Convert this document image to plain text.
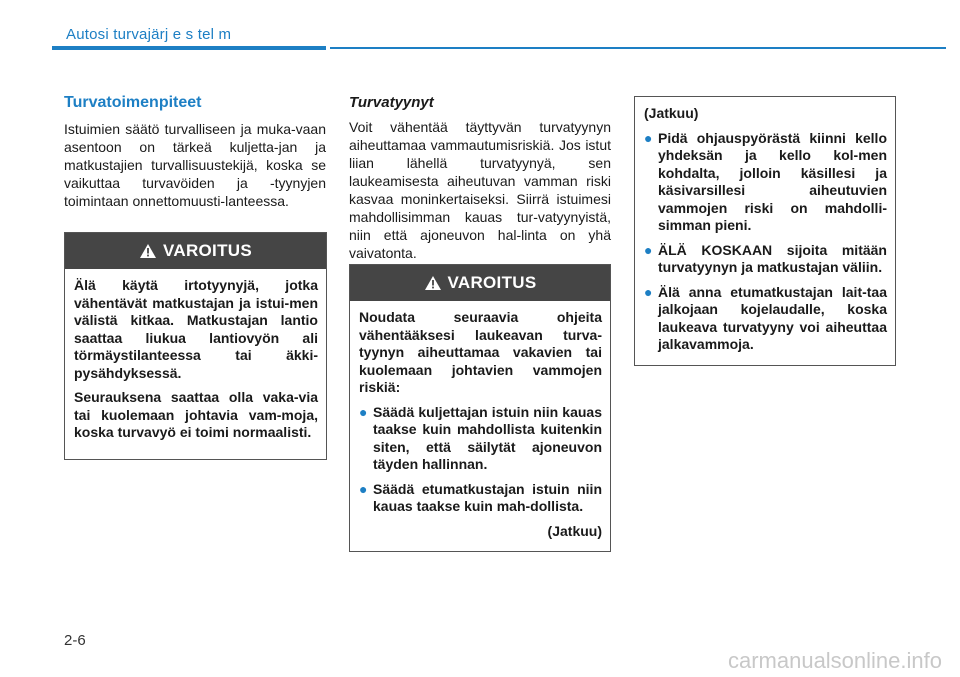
Autosi turvajärj e s tel m
Turvatoimenpiteet
Istuimien säätö turvalliseen ja muka-vaan asentoon on tärkeä kuljetta-jan ja matkustajien turvallisuustekijä, koska se vaikuttaa turvavöiden ja -tyynyjen toimintaan onnettomuusti-lanteessa.
VAROITUS

Älä käytä irtotyynyjä, jotka vähentävät matkustajan ja istui-men välistä kitkaa. Matkustajan lantio saattaa liukua lantiovyön ali törmäystilanteessa tai äkki-pysähdyksessä.

Seurauksena saattaa olla vaka-via tai kuolemaan johtavia vam-moja, koska turvavyö ei toimi normaalisti.

Turvatyynyt
Voit vähentää täyttyvän turvatyynyn aiheuttamaa vammautumisriskiä. Jos istut liian lähellä turvatyynyä, sen laukeamisesta aiheutuvan vamman riski kasvaa moninkertaiseksi. Siirrä istuimesi mahdollisimman kauas tur-vatyynyistä, niin että ajoneuvon hal-linta on yhä vaivatonta.
VAROITUS

Noudata seuraavia ohjeita vähentääksesi laukeavan turva-tyynyn aiheuttamaa vakavien tai kuolemaan johtavien vammojen riskiä:

● Säädä kuljettajan istuin niin kauas taakse kuin mahdollista kuitenkin siten, että säilytät ajoneuvon täyden hallinnan.
● Säädä etumatkustajan istuin niin kauas taakse kuin mah-dollista.
(Jatkuu)

(Jatkuu)

● Pidä ohjauspyörästä kiinni kello yhdeksän ja kello kol-men kohdalta, jolloin käsillesi ja käsivarsillesi aiheutuvien vammojen riski on mahdolli-simman pieni.
● ÄLÄ KOSKAAN sijoita mitään turvatyynyn ja matkustajan väliin.
● Älä anna etumatkustajan lait-taa jalkojaan kojelaudalle, koska laukeava turvatyyny voi aiheuttaa jalkavammoja.
2-6
carmanualsonline.info
